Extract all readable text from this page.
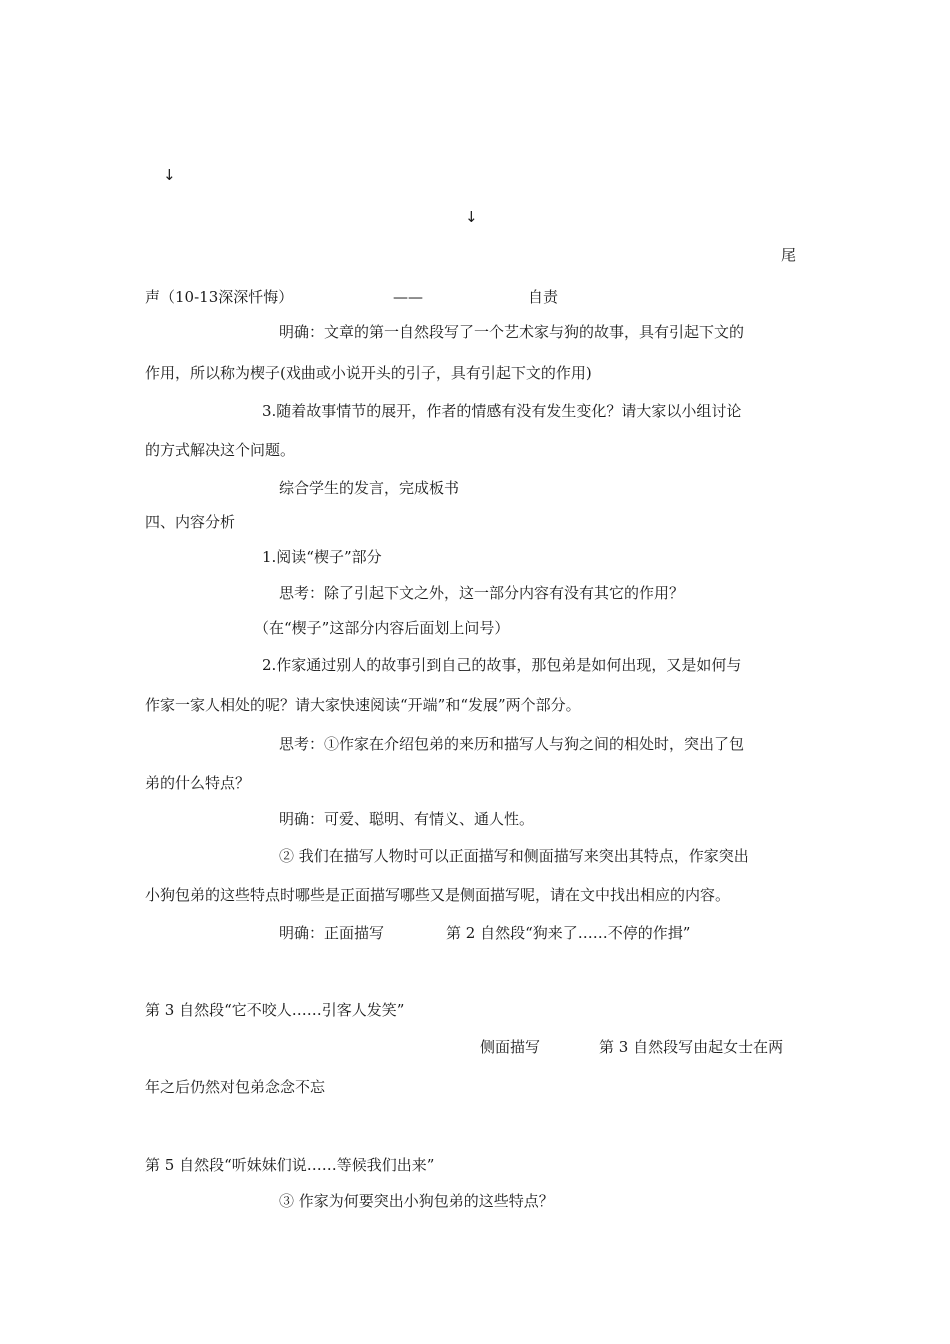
↓
↓
尾
声（10-13深深忏悔）	——	自责
明确：文章的第一自然段写了一个艺术家与狗的故事，具有引起下文的
作用，所以称为楔子(戏曲或小说开头的引子，具有引起下文的作用)
3.随着故事情节的展开，作者的情感有没有发生变化？请大家以小组讨论
的方式解决这个问题。
综合学生的发言，完成板书
四、内容分析
1.阅读“楔子”部分
思考：除了引起下文之外，这一部分内容有没有其它的作用？
（在“楔子”这部分内容后面划上问号）
2.作家通过别人的故事引到自己的故事，那包弟是如何出现，又是如何与
作家一家人相处的呢？请大家快速阅读“开端”和“发展”两个部分。
思考：①作家在介绍包弟的来历和描写人与狗之间的相处时，突出了包
弟的什么特点？
明确：可爱、聪明、有情义、通人性。
② 我们在描写人物时可以正面描写和侧面描写来突出其特点，作家突出
小狗包弟的这些特点时哪些是正面描写哪些又是侧面描写呢，请在文中找出相应的内容。
明确：正面描写	第 2 自然段“狗来了……不停的作揖”
第 3 自然段“它不咬人……引客人发笑”
侧面描写	第 3 自然段写由起女士在两
年之后仍然对包弟念念不忘
第 5 自然段“听妹妹们说……等候我们出来”
③ 作家为何要突出小狗包弟的这些特点？
